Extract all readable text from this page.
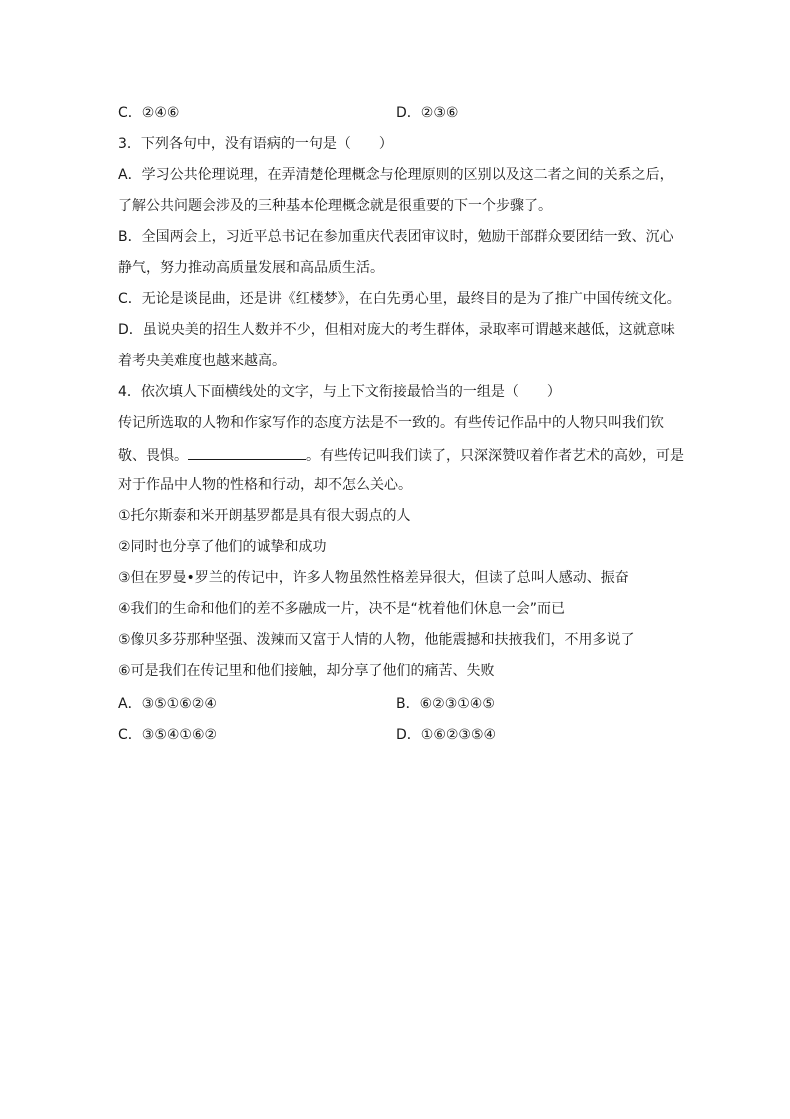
C．②④⑥	D．②③⑥
3．下列各句中，没有语病的一句是（　　）
A．学习公共伦理说理，在弄清楚伦理概念与伦理原则的区别以及这二者之间的关系之后，
了解公共问题会涉及的三种基本伦理概念就是很重要的下一个步骤了。
B．全国两会上，习近平总书记在参加重庆代表团审议时，勉励干部群众要团结一致、沉心
静气，努力推动高质量发展和高品质生活。
C．无论是谈昆曲，还是讲《红楼梦》，在白先勇心里，最终目的是为了推广中国传统文化。
D．虽说央美的招生人数并不少，但相对庞大的考生群体，录取率可谓越来越低，这就意味
着考央美难度也越来越高。
4．依次填人下面横线处的文字，与上下文衔接最恰当的一组是（　　）
传记所选取的人物和作家写作的态度方法是不一致的。有些传记作品中的人物只叫我们钦
敬、畏惧。	。有些传记叫我们读了，只深深赞叹着作者艺术的高妙，可是
对于作品中人物的性格和行动，却不怎么关心。
①托尔斯泰和米开朗基罗都是具有很大弱点的人
②同时也分享了他们的诚挚和成功
③但在罗曼•罗兰的传记中，许多人物虽然性格差异很大，但读了总叫人感动、振奋
④我们的生命和他们的差不多融成一片，决不是“枕着他们休息一会”而已
⑤像贝多芬那种坚强、泼辣而又富于人情的人物，他能震撼和扶掖我们，不用多说了
⑥可是我们在传记里和他们接触，却分享了他们的痛苦、失败
A．③⑤①⑥②④	B．⑥②③①④⑤
C．③⑤④①⑥②	D．①⑥②③⑤④
